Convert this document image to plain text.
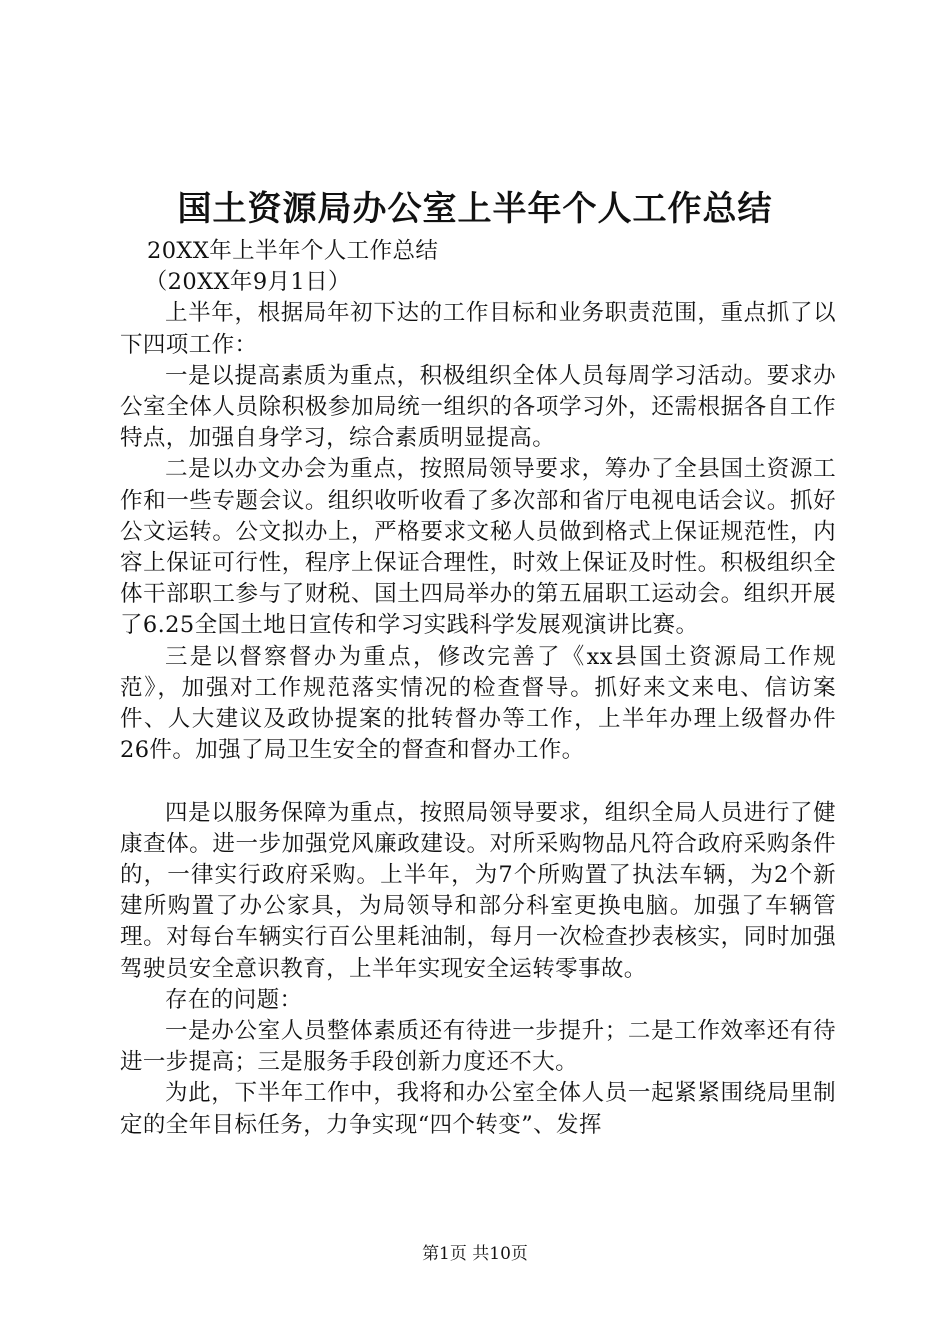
国土资源局办公室上半年个人工作总结

20XX年上半年个人工作总结

（20XX年9月1日）

上半年，根据局年初下达的工作目标和业务职责范围，重点抓了以下四项工作：

一是以提高素质为重点，积极组织全体人员每周学习活动。要求办公室全体人员除积极参加局统一组织的各项学习外，还需根据各自工作特点，加强自身学习，综合素质明显提高。

二是以办文办会为重点，按照局领导要求，筹办了全县国土资源工作和一些专题会议。组织收听收看了多次部和省厅电视电话会议。抓好公文运转。公文拟办上，严格要求文秘人员做到格式上保证规范性，内容上保证可行性，程序上保证合理性，时效上保证及时性。积极组织全体干部职工参与了财税、国土四局举办的第五届职工运动会。组织开展了6.25全国土地日宣传和学习实践科学发展观演讲比赛。

三是以督察督办为重点，修改完善了《xx县国土资源局工作规范》，加强对工作规范落实情况的检查督导。抓好来文来电、信访案件、人大建议及政协提案的批转督办等工作，上半年办理上级督办件26件。加强了局卫生安全的督查和督办工作。

四是以服务保障为重点，按照局领导要求，组织全局人员进行了健康查体。进一步加强党风廉政建设。对所采购物品凡符合政府采购条件的，一律实行政府采购。上半年，为7个所购置了执法车辆，为2个新建所购置了办公家具，为局领导和部分科室更换电脑。加强了车辆管理。对每台车辆实行百公里耗油制，每月一次检查抄表核实，同时加强驾驶员安全意识教育，上半年实现安全运转零事故。

存在的问题：

一是办公室人员整体素质还有待进一步提升；二是工作效率还有待进一步提高；三是服务手段创新力度还不大。

为此，下半年工作中，我将和办公室全体人员一起紧紧围绕局里制定的全年目标任务，力争实现“四个转变”、发挥

第1页 共10页
